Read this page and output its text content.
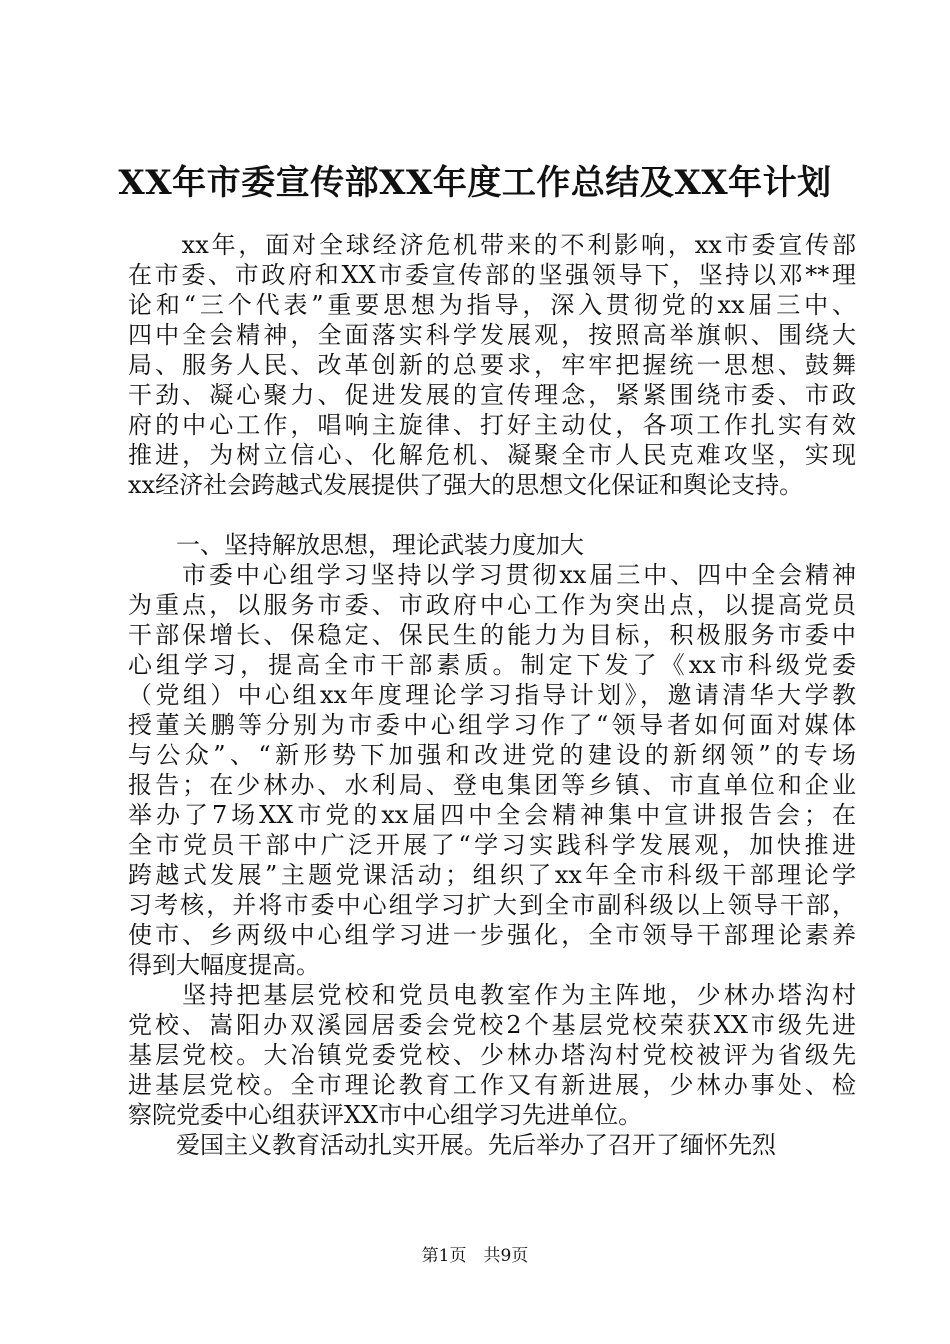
XX年市委宣传部XX年度工作总结及XX年计划
　　xx年，面对全球经济危机带来的不利影响，xx市委宣传部
在市委、市政府和XX市委宣传部的坚强领导下，坚持以邓**理
论和“三个代表”重要思想为指导，深入贯彻党的xx届三中、
四中全会精神，全面落实科学发展观，按照高举旗帜、围绕大
局、服务人民、改革创新的总要求，牢牢把握统一思想、鼓舞
干劲、凝心聚力、促进发展的宣传理念，紧紧围绕市委、市政
府的中心工作，唱响主旋律、打好主动仗，各项工作扎实有效
推进，为树立信心、化解危机、凝聚全市人民克难攻坚，实现
xx经济社会跨越式发展提供了强大的思想文化保证和舆论支持。
　　一、坚持解放思想，理论武装力度加大
　　市委中心组学习坚持以学习贯彻xx届三中、四中全会精神
为重点，以服务市委、市政府中心工作为突出点，以提高党员
干部保增长、保稳定、保民生的能力为目标，积极服务市委中
心组学习，提高全市干部素质。制定下发了《xx市科级党委
（党组）中心组xx年度理论学习指导计划》，邀请清华大学教
授董关鹏等分别为市委中心组学习作了“领导者如何面对媒体
与公众”、“新形势下加强和改进党的建设的新纲领”的专场
报告；在少林办、水利局、登电集团等乡镇、市直单位和企业
举办了7场XX市党的xx届四中全会精神集中宣讲报告会；在
全市党员干部中广泛开展了“学习实践科学发展观，加快推进
跨越式发展”主题党课活动；组织了xx年全市科级干部理论学
习考核，并将市委中心组学习扩大到全市副科级以上领导干部，
使市、乡两级中心组学习进一步强化，全市领导干部理论素养
得到大幅度提高。
　　坚持把基层党校和党员电教室作为主阵地，少林办塔沟村
党校、嵩阳办双溪园居委会党校2个基层党校荣获XX市级先进
基层党校。大冶镇党委党校、少林办塔沟村党校被评为省级先
进基层党校。全市理论教育工作又有新进展，少林办事处、检
察院党委中心组获评XX市中心组学习先进单位。
　　爱国主义教育活动扎实开展。先后举办了召开了缅怀先烈
第1页　共9页
